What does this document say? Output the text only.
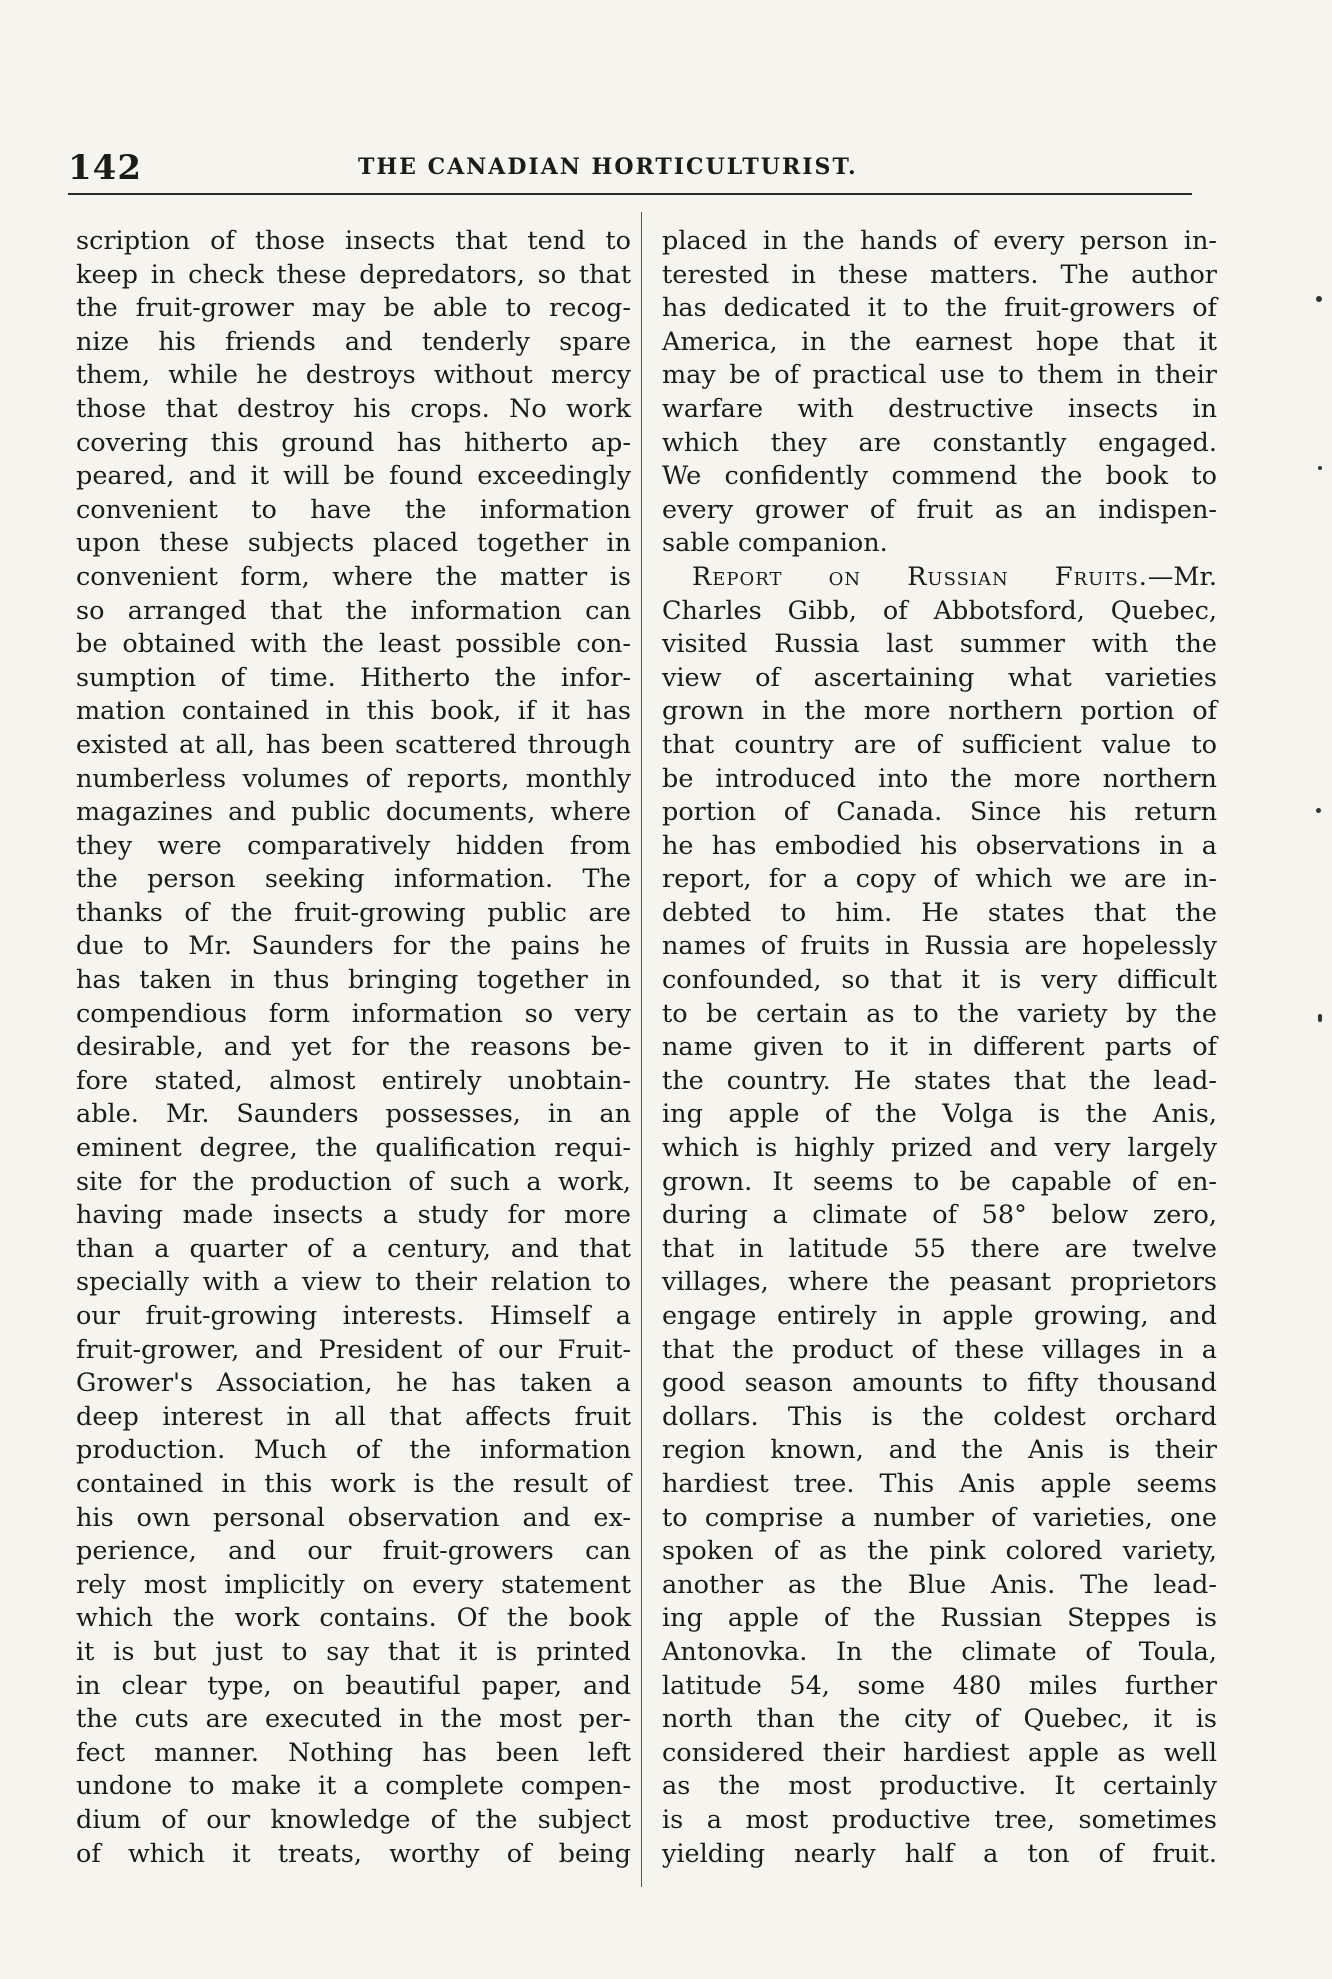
142	THE CANADIAN HORTICULTURIST.
scription of those insects that tend to
keep in check these depredators, so that
the fruit-grower may be able to recog-
nize his friends and tenderly spare
them, while he destroys without mercy
those that destroy his crops. No work
covering this ground has hitherto ap-
peared, and it will be found exceedingly
convenient to have the information
upon these subjects placed together in
convenient form, where the matter is
so arranged that the information can
be obtained with the least possible con-
sumption of time. Hitherto the infor-
mation contained in this book, if it has
existed at all, has been scattered through
numberless volumes of reports, monthly
magazines and public documents, where
they were comparatively hidden from
the person seeking information. The
thanks of the fruit-growing public are
due to Mr. Saunders for the pains he
has taken in thus bringing together in
compendious form information so very
desirable, and yet for the reasons be-
fore stated, almost entirely unobtain-
able. Mr. Saunders possesses, in an
eminent degree, the qualification requi-
site for the production of such a work,
having made insects a study for more
than a quarter of a century, and that
specially with a view to their relation to
our fruit-growing interests. Himself a
fruit-grower, and President of our Fruit-
Grower's Association, he has taken a
deep interest in all that affects fruit
production. Much of the information
contained in this work is the result of
his own personal observation and ex-
perience, and our fruit-growers can
rely most implicitly on every statement
which the work contains. Of the book
it is but just to say that it is printed
in clear type, on beautiful paper, and
the cuts are executed in the most per-
fect manner. Nothing has been left
undone to make it a complete compen-
dium of our knowledge of the subject
of which it treats, worthy of being
placed in the hands of every person in-
terested in these matters. The author
has dedicated it to the fruit-growers of
America, in the earnest hope that it
may be of practical use to them in their
warfare with destructive insects in
which they are constantly engaged.
We confidently commend the book to
every grower of fruit as an indispen-
sable companion.
Report on Russian Fruits.—Mr.
Charles Gibb, of Abbotsford, Quebec,
visited Russia last summer with the
view of ascertaining what varieties
grown in the more northern portion of
that country are of sufficient value to
be introduced into the more northern
portion of Canada. Since his return
he has embodied his observations in a
report, for a copy of which we are in-
debted to him. He states that the
names of fruits in Russia are hopelessly
confounded, so that it is very difficult
to be certain as to the variety by the
name given to it in different parts of
the country. He states that the lead-
ing apple of the Volga is the Anis,
which is highly prized and very largely
grown. It seems to be capable of en-
during a climate of 58° below zero,
that in latitude 55 there are twelve
villages, where the peasant proprietors
engage entirely in apple growing, and
that the product of these villages in a
good season amounts to fifty thousand
dollars. This is the coldest orchard
region known, and the Anis is their
hardiest tree. This Anis apple seems
to comprise a number of varieties, one
spoken of as the pink colored variety,
another as the Blue Anis. The lead-
ing apple of the Russian Steppes is
Antonovka. In the climate of Toula,
latitude 54, some 480 miles further
north than the city of Quebec, it is
considered their hardiest apple as well
as the most productive. It certainly
is a most productive tree, sometimes
yielding nearly half a ton of fruit.
